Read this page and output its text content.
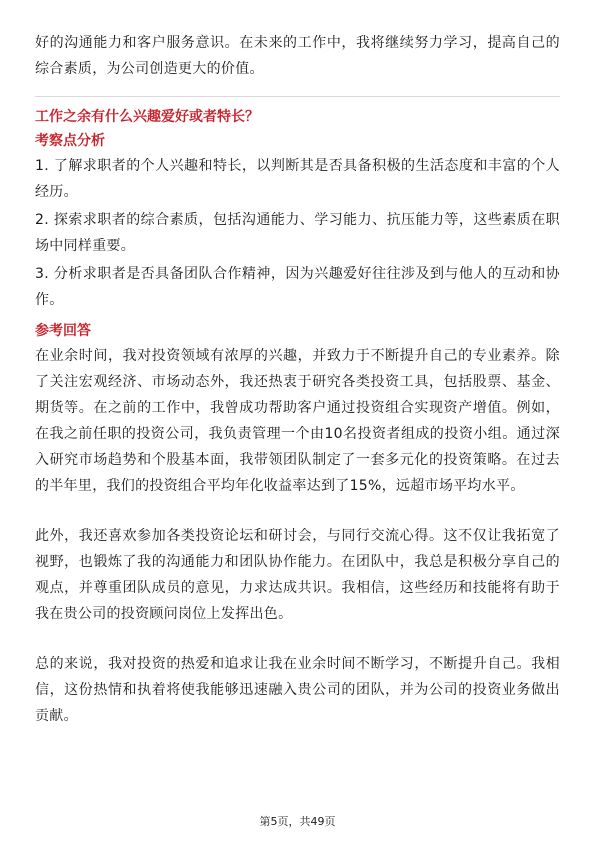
好的沟通能力和客户服务意识。在未来的工作中，我将继续努力学习，提高自己的综合素质，为公司创造更大的价值。

工作之余有什么兴趣爱好或者特长？

考察点分析

1. 了解求职者的个人兴趣和特长，以判断其是否具备积极的生活态度和丰富的个人经历。

2. 探索求职者的综合素质，包括沟通能力、学习能力、抗压能力等，这些素质在职场中同样重要。

3. 分析求职者是否具备团队合作精神，因为兴趣爱好往往涉及到与他人的互动和协作。

参考回答

在业余时间，我对投资领域有浓厚的兴趣，并致力于不断提升自己的专业素养。除了关注宏观经济、市场动态外，我还热衷于研究各类投资工具，包括股票、基金、期货等。在之前的工作中，我曾成功帮助客户通过投资组合实现资产增值。例如，在我之前任职的投资公司，我负责管理一个由10名投资者组成的投资小组。通过深入研究市场趋势和个股基本面，我带领团队制定了一套多元化的投资策略。在过去的半年里，我们的投资组合平均年化收益率达到了15%，远超市场平均水平。

此外，我还喜欢参加各类投资论坛和研讨会，与同行交流心得。这不仅让我拓宽了视野，也锻炼了我的沟通能力和团队协作能力。在团队中，我总是积极分享自己的观点，并尊重团队成员的意见，力求达成共识。我相信，这些经历和技能将有助于我在贵公司的投资顾问岗位上发挥出色。

总的来说，我对投资的热爱和追求让我在业余时间不断学习，不断提升自己。我相信，这份热情和执着将使我能够迅速融入贵公司的团队，并为公司的投资业务做出贡献。

第5页，共49页
